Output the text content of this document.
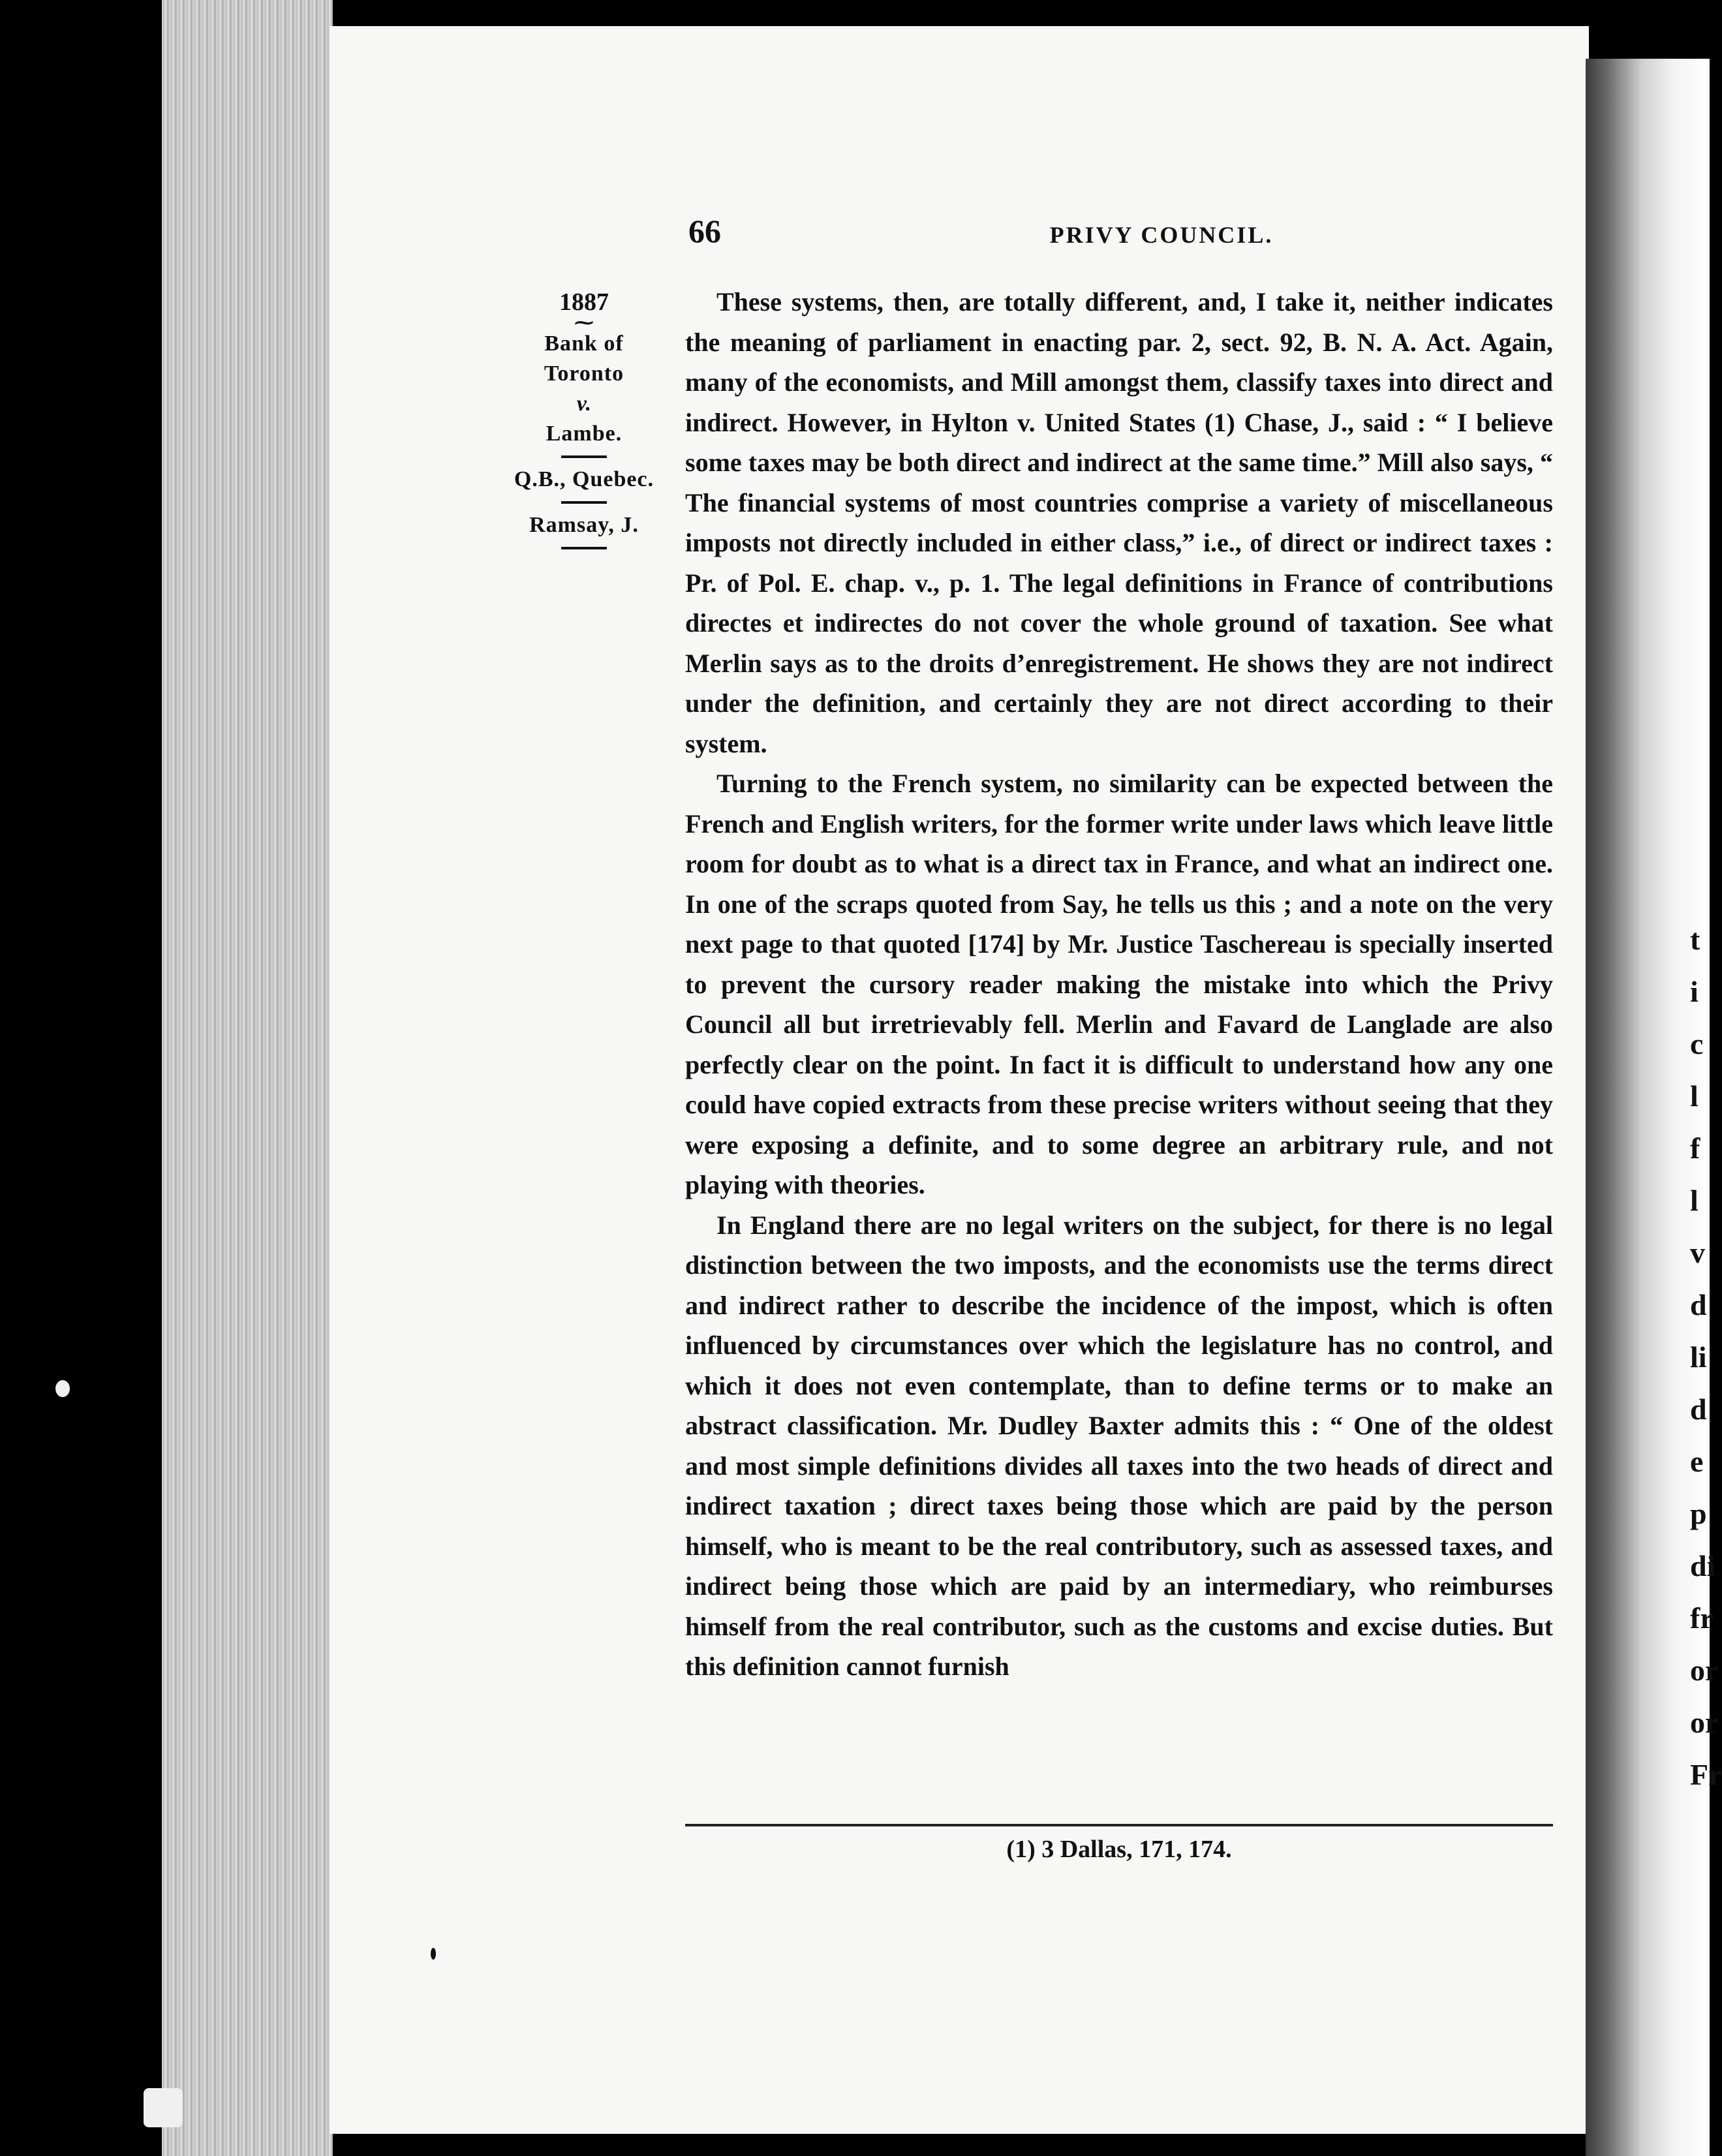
66	PRIVY COUNCIL.
1887
⁓
Bank of
Toronto
v.
Lambe.
Q.B., Quebec.
Ramsay, J.

These systems, then, are totally different, and, I take it, neither indicates the meaning of parliament in enacting par. 2, sect. 92, B. N. A. Act. Again, many of the economists, and Mill amongst them, classify taxes into direct and indirect. However, in Hylton v. United States (1) Chase, J., said : “ I believe some taxes may be both direct and indirect at the same time.” Mill also says, “ The financial systems of most countries comprise a variety of miscellaneous imposts not directly included in either class,” i.e., of direct or indirect taxes : Pr. of Pol. E. chap. v., p. 1. The legal definitions in France of contributions directes et indirectes do not cover the whole ground of taxation. See what Merlin says as to the droits d’enregistrement. He shows they are not indirect under the definition, and certainly they are not direct according to their system.

Turning to the French system, no similarity can be expected between the French and English writers, for the former write under laws which leave little room for doubt as to what is a direct tax in France, and what an indirect one. In one of the scraps quoted from Say, he tells us this ; and a note on the very next page to that quoted [174] by Mr. Justice Taschereau is specially inserted to prevent the cursory reader making the mistake into which the Privy Council all but irretrievably fell. Merlin and Favard de Langlade are also perfectly clear on the point. In fact it is difficult to understand how any one could have copied extracts from these precise writers without seeing that they were exposing a definite, and to some degree an arbitrary rule, and not playing with theories.

In England there are no legal writers on the subject, for there is no legal distinction between the two imposts, and the economists use the terms direct and indirect rather to describe the incidence of the impost, which is often influenced by circumstances over which the legislature has no control, and which it does not even contemplate, than to define terms or to make an abstract classification. Mr. Dudley Baxter admits this : “ One of the oldest and most simple definitions divides all taxes into the two heads of direct and indirect taxation ; direct taxes being those which are paid by the person himself, who is meant to be the real contributory, such as assessed taxes, and indirect being those which are paid by an intermediary, who reimburses himself from the real contributor, such as the customs and excise duties. But this definition cannot furnish

(1) 3 Dallas, 171, 174.
t
i
c
l
f
l
v
d
li
d
e
p
di
fr
or
or
Fr
